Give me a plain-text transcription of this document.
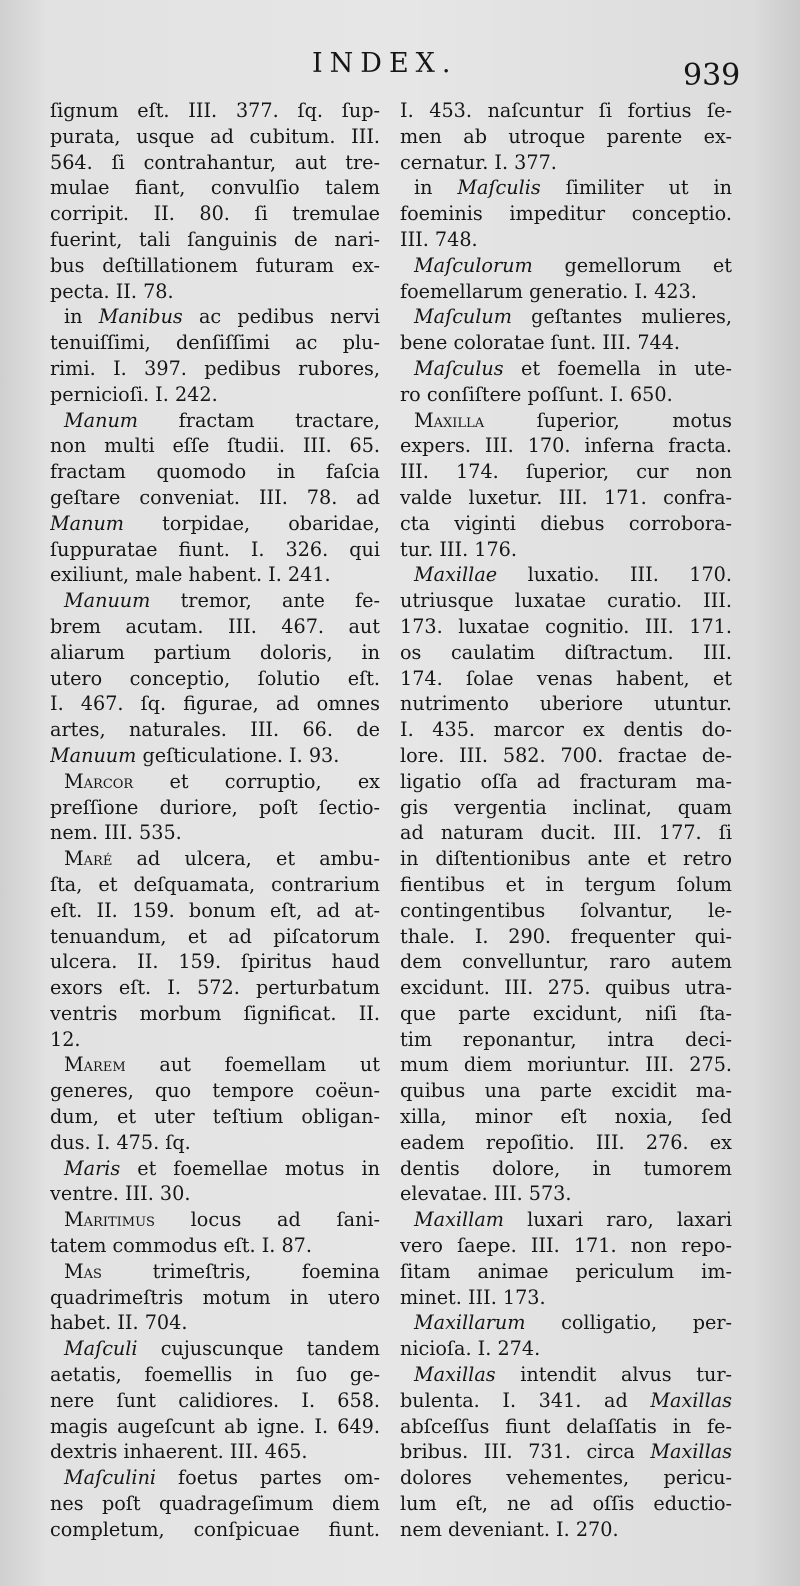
INDEX.	939
ſignum eſt. III. 377. ſq. ſup-
purata, usque ad cubitum. III.
564. ſi contrahantur, aut tre-
mulae fiant, convulſio talem
corripit. II. 80. ſi tremulae
fuerint, tali ſanguinis de nari-
bus deſtillationem futuram ex-
pecta. II. 78.
in Manibus ac pedibus nervi
tenuiſſimi, denſiſſimi ac plu-
rimi. I. 397. pedibus rubores,
pernicioſi. I. 242.
Manum fractam tractare,
non multi eſſe ſtudii. III. 65.
fractam quomodo in faſcia
geſtare conveniat. III. 78. ad
Manum torpidae, obaridae,
ſuppuratae fiunt. I. 326. qui
exiliunt, male habent. I. 241.
Manuum tremor, ante fe-
brem acutam. III. 467. aut
aliarum partium doloris, in
utero conceptio, ſolutio eſt.
I. 467. ſq. figurae, ad omnes
artes, naturales. III. 66. de
Manuum geſticulatione. I. 93.
Marcor et corruptio, ex
preſſione duriore, poſt ſectio-
nem. III. 535.
Maré ad ulcera, et ambu-
ſta, et deſquamata, contrarium
eſt. II. 159. bonum eſt, ad at-
tenuandum, et ad piſcatorum
ulcera. II. 159. ſpiritus haud
exors eſt. I. 572. perturbatum
ventris morbum ſignificat. II.
12.
Marem aut foemellam ut
generes, quo tempore coëun-
dum, et uter teſtium obligan-
dus. I. 475. ſq.
Maris et foemellae motus in
ventre. III. 30.
Maritimus locus ad ſani-
tatem commodus eſt. I. 87.
Mas trimeſtris, foemina
quadrimeſtris motum in utero
habet. II. 704.
Maſculi cujuscunque tandem
aetatis, foemellis in ſuo ge-
nere ſunt calidiores. I. 658.
magis augeſcunt ab igne. I. 649.
dextris inhaerent. III. 465.
Maſculini foetus partes om-
nes poſt quadrageſimum diem
completum, conſpicuae fiunt.
I. 453. naſcuntur ſi fortius ſe-
men ab utroque parente ex-
cernatur. I. 377.
in Maſculis ſimiliter ut in
foeminis impeditur conceptio.
III. 748.
Maſculorum gemellorum et
foemellarum generatio. I. 423.
Maſculum geſtantes mulieres,
bene coloratae ſunt. III. 744.
Maſculus et foemella in ute-
ro conſiſtere poſſunt. I. 650.
Maxilla ſuperior, motus
expers. III. 170. inferna fracta.
III. 174. ſuperior, cur non
valde luxetur. III. 171. confra-
cta viginti diebus corrobora-
tur. III. 176.
Maxillae luxatio. III. 170.
utriusque luxatae curatio. III.
173. luxatae cognitio. III. 171.
os caulatim diſtractum. III.
174. ſolae venas habent, et
nutrimento uberiore utuntur.
I. 435. marcor ex dentis do-
lore. III. 582. 700. fractae de-
ligatio oſſa ad fracturam ma-
gis vergentia inclinat, quam
ad naturam ducit. III. 177. ſi
in diſtentionibus ante et retro
fientibus et in tergum ſolum
contingentibus ſolvantur, le-
thale. I. 290. frequenter qui-
dem convelluntur, raro autem
excidunt. III. 275. quibus utra-
que parte excidunt, niſi ſta-
tim reponantur, intra deci-
mum diem moriuntur. III. 275.
quibus una parte excidit ma-
xilla, minor eſt noxia, ſed
eadem repoſitio. III. 276. ex
dentis dolore, in tumorem
elevatae. III. 573.
Maxillam luxari raro, laxari
vero ſaepe. III. 171. non repo-
ſitam animae periculum im-
minet. III. 173.
Maxillarum colligatio, per-
nicioſa. I. 274.
Maxillas intendit alvus tur-
bulenta. I. 341. ad Maxillas
abſceſſus fiunt delaſſatis in fe-
bribus. III. 731. circa Maxillas
dolores vehementes, pericu-
lum eſt, ne ad oſſis eductio-
nem deveniant. I. 270.
